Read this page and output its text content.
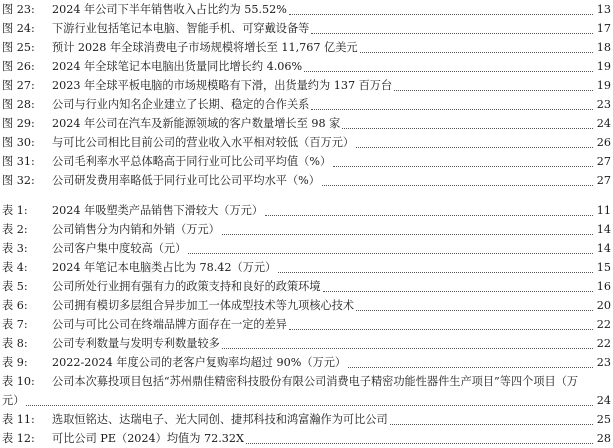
图 23:	2024 年公司下半年销售收入占比约为 55.52%	13
图 24:	下游行业包括笔记本电脑、智能手机、可穿戴设备等	17
图 25:	预计 2028 年全球消费电子市场规模将增长至 11,767 亿美元	18
图 26:	2024 年全球笔记本电脑出货量同比增长约 4.06%	19
图 27:	2023 年全球平板电脑的市场规模略有下滑，出货量约为 137 百万台	19
图 28:	公司与行业内知名企业建立了长期、稳定的合作关系	23
图 29:	2024 年公司在汽车及新能源领域的客户数量增长至 98 家	24
图 30:	与可比公司相比目前公司的营业收入水平相对较低（百万元）	26
图 31:	公司毛利率水平总体略高于同行业可比公司平均值（%）	27
图 32:	公司研发费用率略低于同行业可比公司平均水平（%）	27
表 1:	2024 年吸塑类产品销售下滑较大（万元）	11
表 2:	公司销售分为内销和外销（万元）	14
表 3:	公司客户集中度较高（元）	14
表 4:	2024 年笔记本电脑类占比为 78.42（万元）	15
表 5:	公司所处行业拥有强有力的政策支持和良好的政策环境	16
表 6:	公司拥有模切多层组合异步加工一体成型技术等九项核心技术	20
表 7:	公司与可比公司在终端品牌方面存在一定的差异	22
表 8:	公司专利数量与发明专利数量较多	22
表 9:	2022-2024 年度公司的老客户复购率均超过 90%（万元）	23
表 10:	公司本次募投项目包括“苏州鼎佳精密科技股份有限公司消费电子精密功能性器件生产项目”等四个项目（万
元）	24
表 11:	选取恒铭达、达瑞电子、光大同创、捷邦科技和鸿富瀚作为可比公司	25
表 12:	可比公司 PE（2024）均值为 72.32X	28
